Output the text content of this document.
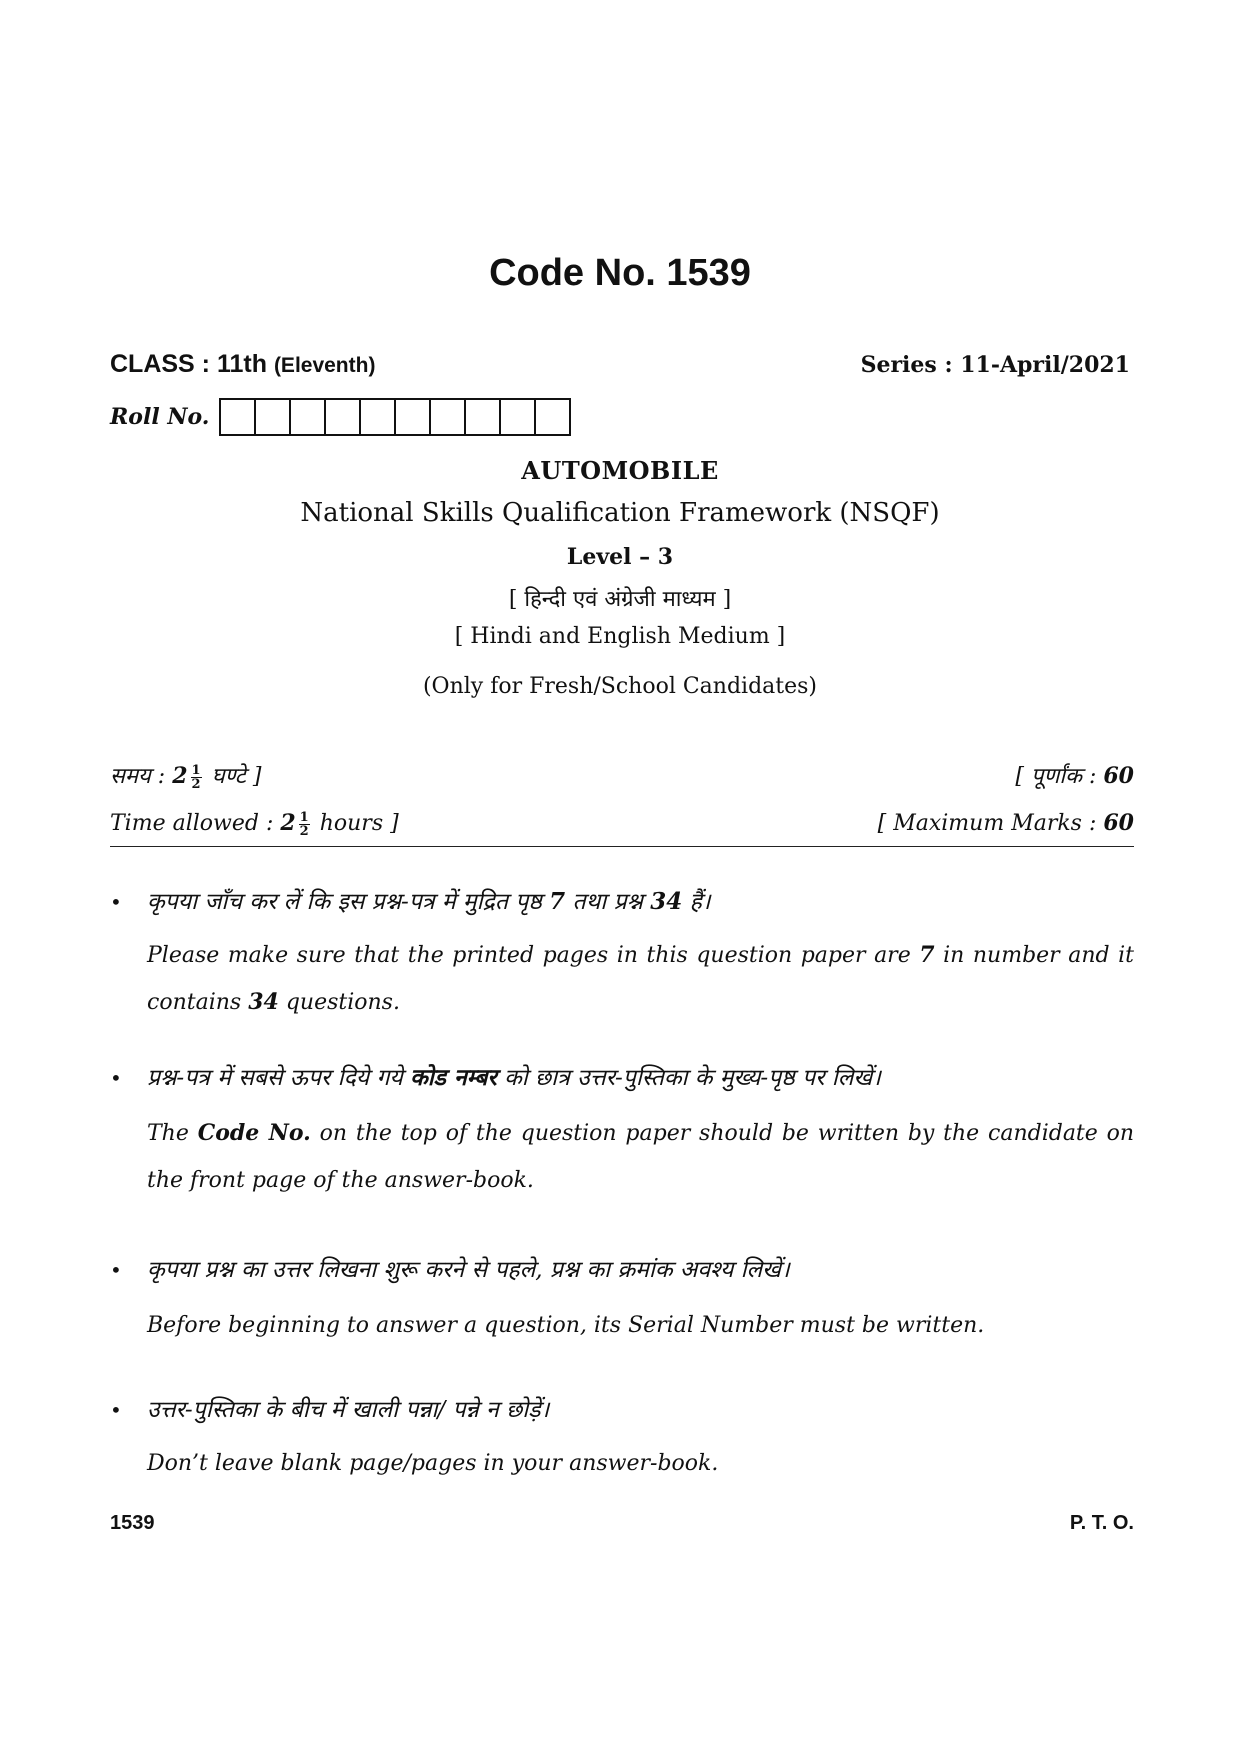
Code No. 1539
CLASS : 11th (Eleventh)	Series : 11-April/2021
Roll No.
AUTOMOBILE
National Skills Qualification Framework (NSQF)
Level – 3
[ हिन्दी एवं अंग्रेजी माध्यम ]
[ Hindi and English Medium ]
(Only for Fresh/School Candidates)
समय : $2 \frac{1}{2}$ घण्टे ]	[ पूर्णांक : 60
Time allowed : $2 \frac{1}{2}$ hours ]	[ Maximum Marks : 60
• कृपया जाँच कर लें कि इस प्रश्न-पत्र में मुद्रित पृष्ठ 7 तथा प्रश्न 34 हैं।
Please make sure that the printed pages in this question paper are 7 in number and it contains 34 questions.
• प्रश्न-पत्र में सबसे ऊपर दिये गये कोड नम्बर को छात्र उत्तर-पुस्तिका के मुख्य-पृष्ठ पर लिखें।
The Code No. on the top of the question paper should be written by the candidate on the front page of the answer-book.
• कृपया प्रश्न का उत्तर लिखना शुरू करने से पहले, प्रश्न का क्रमांक अवश्य लिखें।
Before beginning to answer a question, its Serial Number must be written.
• उत्तर-पुस्तिका के बीच में खाली पन्ना/ पन्ने न छोड़ें।
Don’t leave blank page/pages in your answer-book.
1539	P. T. O.
